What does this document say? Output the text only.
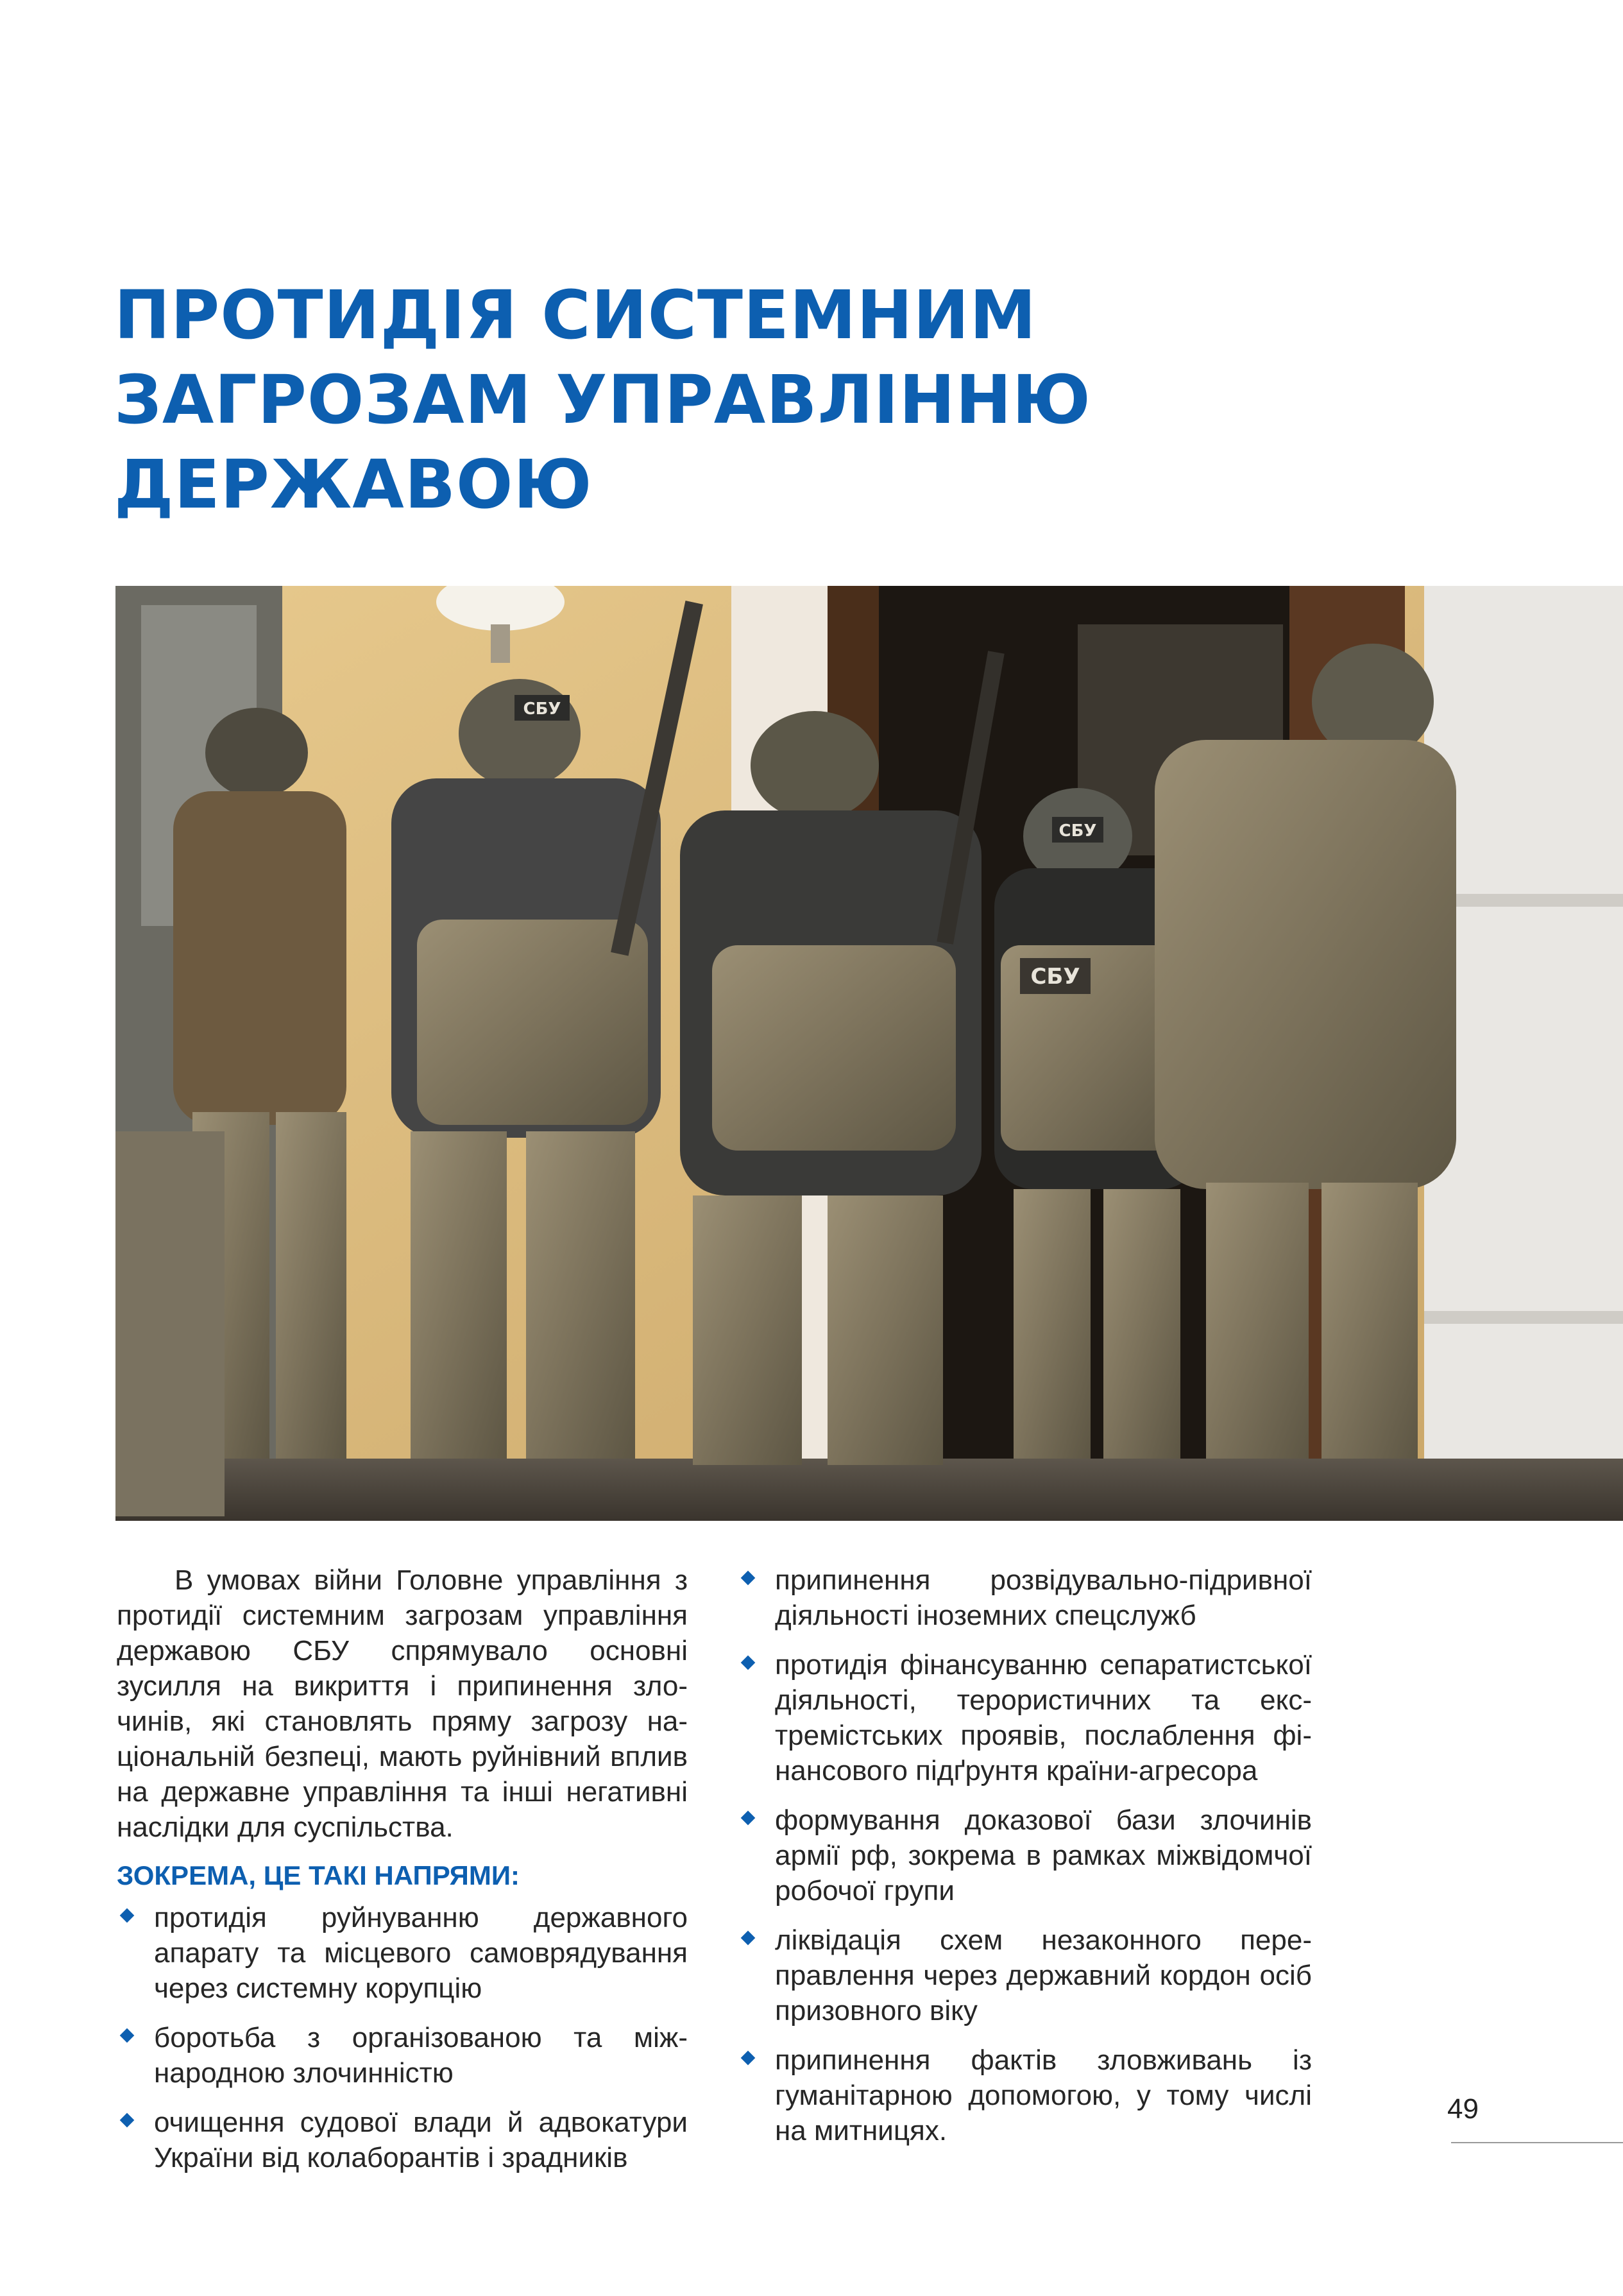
ПРОТИДІЯ СИСТЕМНИМ
ЗАГРОЗАМ УПРАВЛІННЮ
ДЕРЖАВОЮ
СБУ
СБУ
СБУ

В умовах війни Головне управління з протидії системним загрозам управління державою СБУ спрямувало основні зусилля на викриття і припинення злочинів, які становлять пряму загрозу національній безпеці, мають руйнівний вплив на державне управління та інші негативні наслідки для суспільства.

ЗОКРЕМА, ЦЕ ТАКІ НАПРЯМИ:
протидія руйнуванню державного апарату та місцевого самоврядування через системну корупцію
боротьба з організованою та міжнародною злочинністю
очищення судової влади й адвокатури України від колаборантів і зрадників
припинення розвідувально-підривної діяльності іноземних спецслужб
протидія фінансуванню сепаратистської діяльності, терористичних та екстремістських проявів, послаблення фінансового підґрунтя країни-агресора
формування доказової бази злочинів армії рф, зокрема в рамках міжвідомчої робочої групи
ліквідація схем незаконного переправлення через державний кордон осіб призовного віку
припинення фактів зловживань із гуманітарною допомогою, у тому числі на митницях.
49
